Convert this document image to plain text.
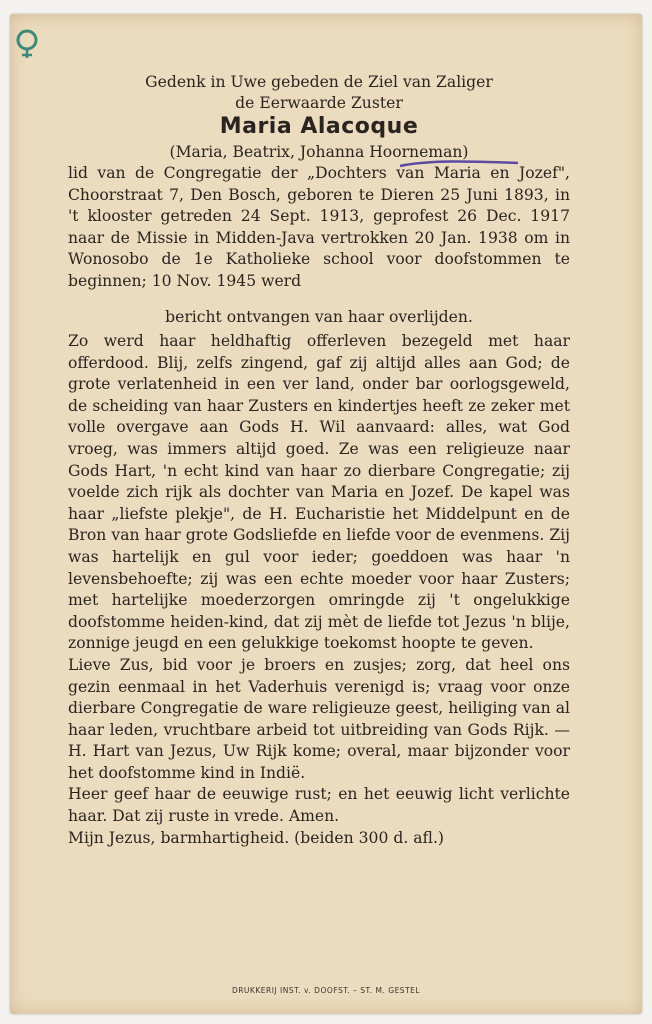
Gedenk in Uwe gebeden de Ziel van Zaliger
de Eerwaarde Zuster
Maria Alacoque
(Maria, Beatrix, Johanna Hoorneman)
lid van de Congregatie der „Dochters van Maria en Jozef", Choorstraat 7, Den Bosch, geboren te Dieren 25 Juni 1893, in 't klooster getreden 24 Sept. 1913, geprofest 26 Dec. 1917 naar de Missie in Midden-Java vertrokken 20 Jan. 1938 om in Wonosobo de 1e Katholieke school voor doofstommen te beginnen; 10 Nov. 1945 werd
bericht ontvangen van haar overlijden.

Zo werd haar heldhaftig offerleven bezegeld met haar offerdood. Blij, zelfs zingend, gaf zij altijd alles aan God; de grote verlatenheid in een ver land, onder bar oorlogsgeweld, de scheiding van haar Zusters en kindertjes heeft ze zeker met volle overgave aan Gods H. Wil aanvaard: alles, wat God vroeg, was immers altijd goed. Ze was een religieuze naar Gods Hart, 'n echt kind van haar zo dierbare Congregatie; zij voelde zich rijk als dochter van Maria en Jozef. De kapel was haar „liefste plekje", de H. Eucharistie het Middelpunt en de Bron van haar grote Godsliefde en liefde voor de evenmens. Zij was hartelijk en gul voor ieder; goeddoen was haar 'n levensbehoefte; zij was een echte moeder voor haar Zusters; met hartelijke moederzorgen omringde zij 't ongelukkige doofstomme heiden-kind, dat zij mèt de liefde tot Jezus 'n blije, zonnige jeugd en een gelukkige toekomst hoopte te geven.

Lieve Zus, bid voor je broers en zusjes; zorg, dat heel ons gezin eenmaal in het Vaderhuis verenigd is; vraag voor onze dierbare Congregatie de ware religieuze geest, heiliging van al haar leden, vruchtbare arbeid tot uitbreiding van Gods Rijk. — H. Hart van Jezus, Uw Rijk kome; overal, maar bijzonder voor het doofstomme kind in Indië.

Heer geef haar de eeuwige rust; en het eeuwig licht verlichte haar. Dat zij ruste in vrede. Amen.

Mijn Jezus, barmhartigheid. (beiden 300 d. afl.)

DRUKKERIJ INST. v. DOOFST. – ST. M. GESTEL
